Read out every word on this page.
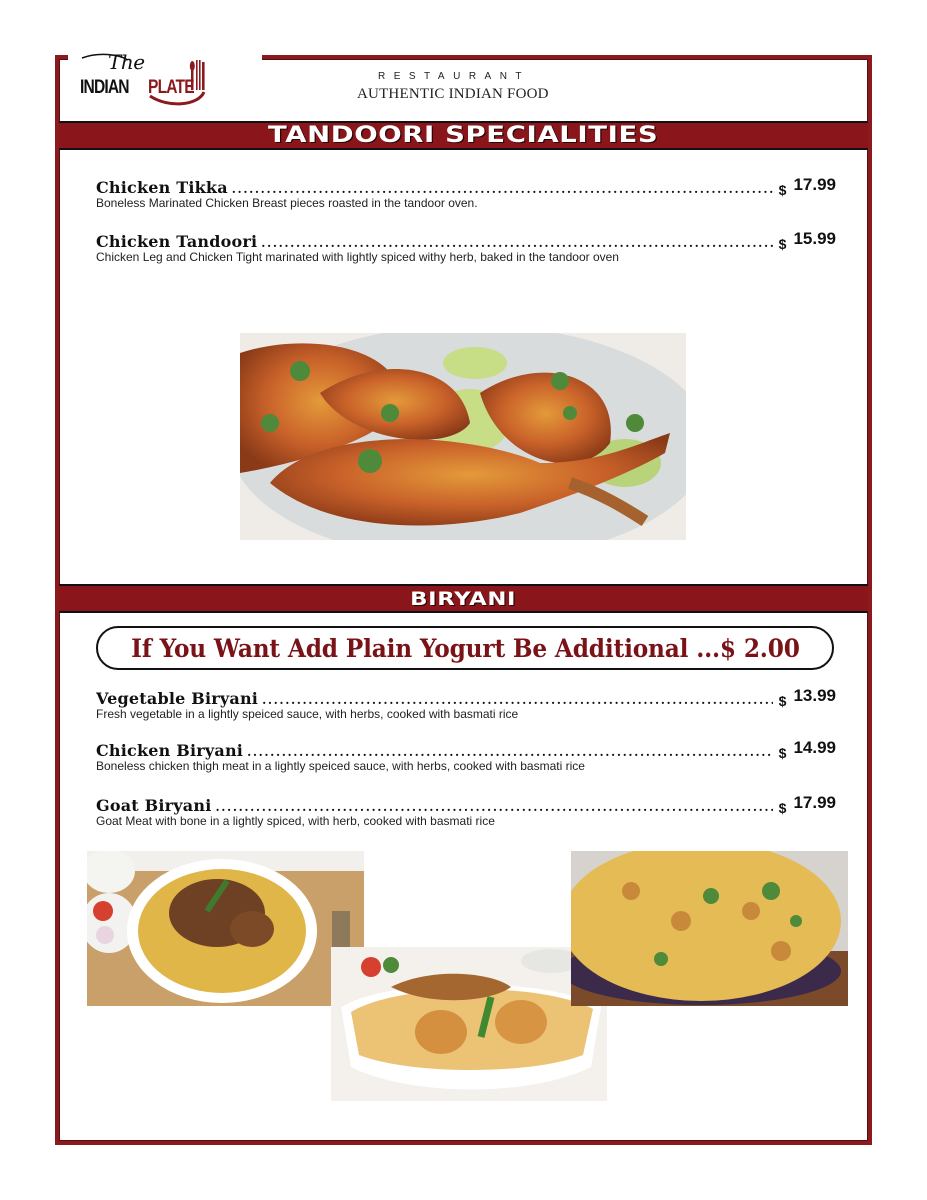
The
INDIAN PLATE
RESTAURANT
AUTHENTIC INDIAN FOOD
TANDOORI SPECIALITIES
Chicken Tikka .....	$ 17.99
Boneless Marinated Chicken Breast pieces roasted in the tandoor oven.
Chicken Tandoori .....	$ 15.99
Chicken Leg and Chicken Tight marinated with lightly spiced withy herb, baked in the tandoor oven
BIRYANI
If You Want Add Plain Yogurt Be Additional ...$ 2.00
Vegetable Biryani .....	$ 13.99
Fresh vegetable in a lightly speiced sauce, with herbs, cooked with basmati rice
Chicken Biryani .....	$ 14.99
Boneless chicken thigh meat in a lightly speiced sauce, with herbs, cooked with basmati rice
Goat Biryani .....	$ 17.99
Goat Meat with bone in a lightly spiced, with herb, cooked with basmati rice
